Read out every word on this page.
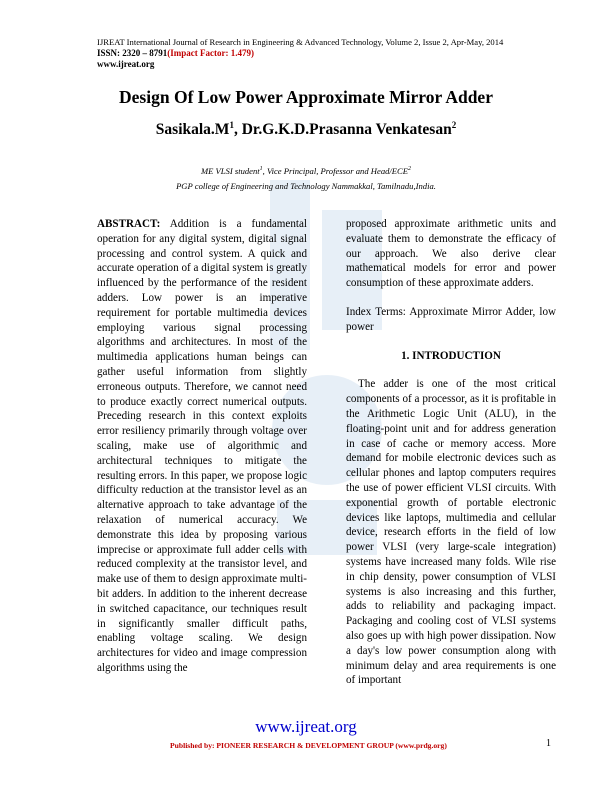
IJREAT International Journal of Research in Engineering & Advanced Technology, Volume 2, Issue 2, Apr-May, 2014
ISSN: 2320 – 8791(Impact Factor: 1.479)
www.ijreat.org
Design Of Low Power Approximate Mirror Adder
$Sasikala.M^1$, Dr.G.K.D.Prasanna Venkatesan$^2$
ME VLSI student$^1$, Vice Principal, Professor and Head/ECE$^2$
PGP college of Engineering and Technology Nammakkal, Tamilnadu,India.

ABSTRACT: Addition is a fundamental operation for any digital system, digital signal processing and control system. A quick and accurate operation of a digital system is greatly influenced by the performance of the resident adders. Low power is an imperative requirement for portable multimedia devices employing various signal processing algorithms and architectures. In most of the multimedia applications human beings can gather useful information from slightly erroneous outputs. Therefore, we cannot need to produce exactly correct numerical outputs. Preceding research in this context exploits error resiliency primarily through voltage over scaling, make use of algorithmic and architectural techniques to mitigate the resulting errors. In this paper, we propose logic difficulty reduction at the transistor level as an alternative approach to take advantage of the relaxation of numerical accuracy. We demonstrate this idea by proposing various imprecise or approximate full adder cells with reduced complexity at the transistor level, and make use of them to design approximate multi-bit adders. In addition to the inherent decrease in switched capacitance, our techniques result in significantly smaller difficult paths, enabling voltage scaling. We design architectures for video and image compression algorithms using the

proposed approximate arithmetic units and evaluate them to demonstrate the efficacy of our approach. We also derive clear mathematical models for error and power consumption of these approximate adders.

Index Terms: Approximate Mirror Adder, low power

1. INTRODUCTION

The adder is one of the most critical components of a processor, as it is profitable in the Arithmetic Logic Unit (ALU), in the floating-point unit and for address generation in case of cache or memory access. More demand for mobile electronic devices such as cellular phones and laptop computers requires the use of power efficient VLSI circuits. With exponential growth of portable electronic devices like laptops, multimedia and cellular device, research efforts in the field of low power VLSI (very large-scale integration) systems have increased many folds. Wile rise in chip density, power consumption of VLSI systems is also increasing and this further, adds to reliability and packaging impact. Packaging and cooling cost of VLSI systems also goes up with high power dissipation. Now a day's low power consumption along with minimum delay and area requirements is one of important

www.ijreat.org
Published by: PIONEER RESEARCH & DEVELOPMENT GROUP (www.prdg.org)	1
